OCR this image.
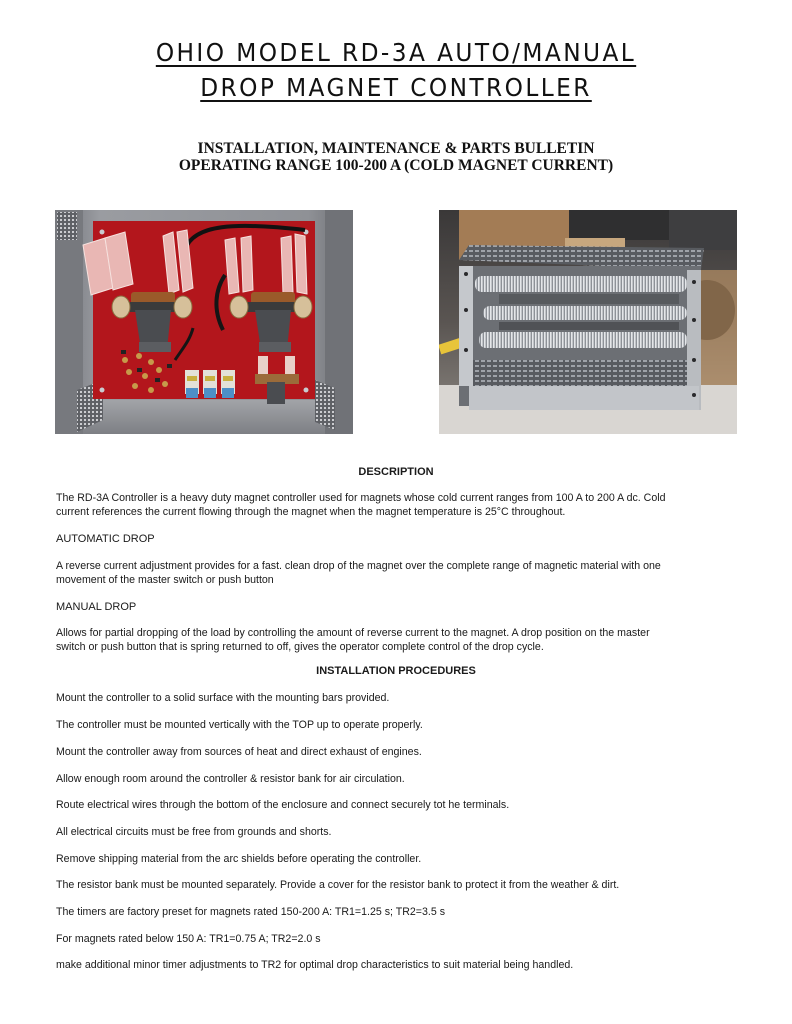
OHIO MODEL RD-3A AUTO/MANUAL
DROP MAGNET CONTROLLER
INSTALLATION, MAINTENANCE & PARTS BULLETIN
OPERATING RANGE 100-200 A (COLD MAGNET CURRENT)
DESCRIPTION
The RD-3A Controller is a heavy duty magnet controller used for magnets whose cold current ranges from 100 A to 200 A dc. Cold
current references the current flowing through the magnet when the magnet temperature is 25°C throughout.
AUTOMATIC DROP
A reverse current adjustment provides for a fast. clean drop of the magnet over the complete range of magnetic material with one
movement of the master switch or push button
MANUAL DROP
Allows for partial dropping of the load by controlling the amount of reverse current to the magnet. A drop position on the master
switch or push button that is spring returned to off, gives the operator complete control of the drop cycle.
INSTALLATION PROCEDURES
Mount the controller to a solid surface with the mounting bars provided.
The controller must be mounted vertically with the TOP up to operate properly.
Mount the controller away from sources of heat and direct exhaust of engines.
Allow enough room around the controller & resistor bank for air circulation.
Route electrical wires through the bottom of the enclosure and connect securely tot he terminals.
All electrical circuits must be free from grounds and shorts.
Remove shipping material from the arc shields before operating the controller.
The resistor bank must be mounted separately. Provide a cover for the resistor bank to protect it from the weather & dirt.
The timers are factory preset for magnets rated 150-200 A: TR1=1.25 s; TR2=3.5 s
For magnets rated below 150 A: TR1=0.75 A; TR2=2.0 s
make additional minor timer adjustments to TR2 for optimal drop characteristics to suit material being handled.
